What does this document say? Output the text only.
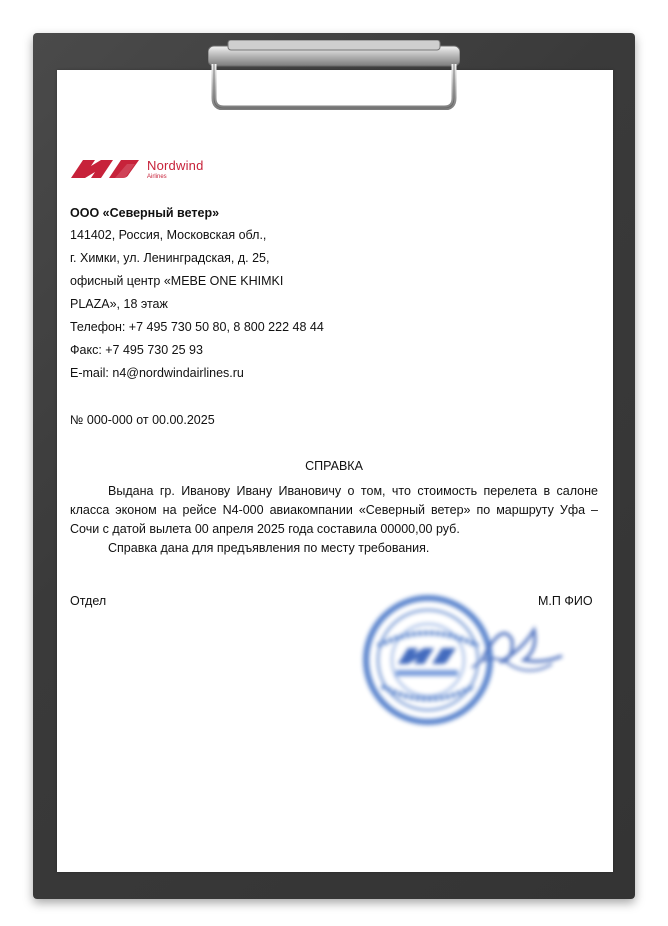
Nordwind
Airlines
ООО «Северный ветер»
141402, Россия, Московская обл.,
г. Химки, ул. Ленинградская, д. 25,
офисный центр «MEBE ONE KHIMKI
PLAZA», 18 этаж
Телефон: +7 495 730 50 80, 8 800 222 48 44
Факс: +7 495 730 25 93
E-mail: n4@nordwindairlines.ru
№ 000-000 от 00.00.2025
СПРАВКА

Выдана гр. Иванову Ивану Ивановичу о том, что стоимость перелета в салоне класса эконом на рейсе N4-000 авиакомпании «Северный ветер» по маршруту Уфа – Сочи с датой вылета 00 апреля 2025 года составила 00000,00 руб.

Справка дана для предъявления по месту требования.

Отдел	М.П ФИО
